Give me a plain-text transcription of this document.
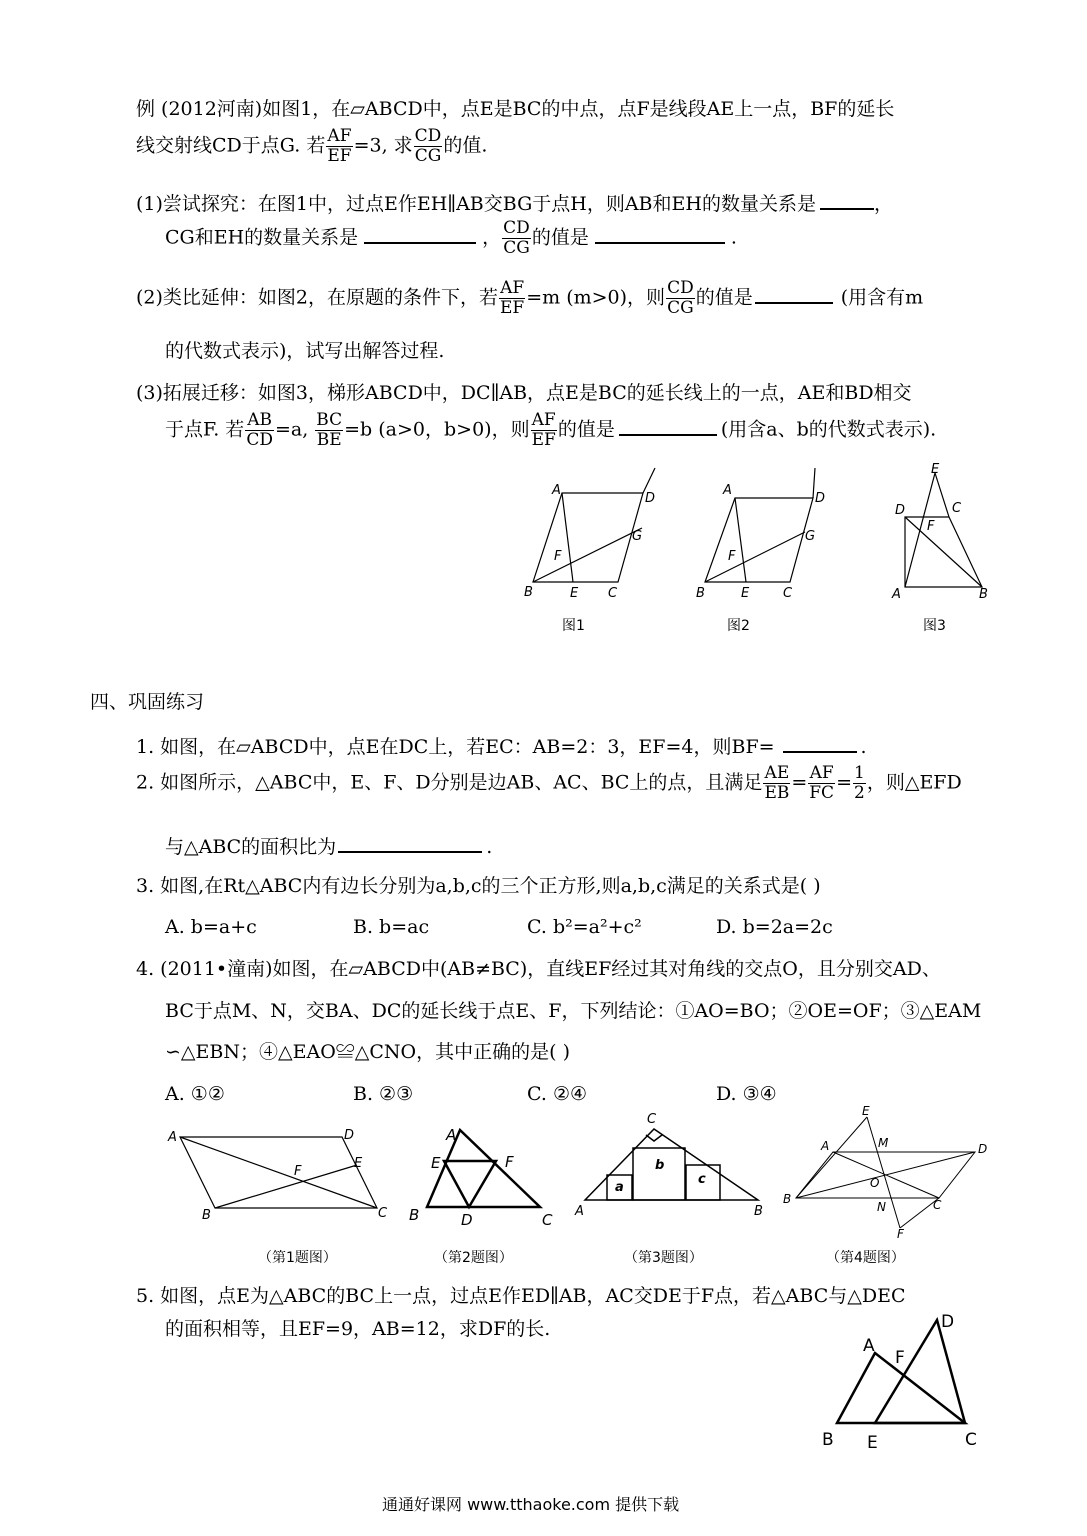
例 (2012河南)如图1，在▱ABCD中，点E是BC的中点，点F是线段AE上一点，BF的延长
线交射线CD于点G. 若 $\frac{AF}{EF} =3$, 求 $\frac{CD}{CG}$ 的值.
(1)尝试探究：在图1中，过点E作EH∥AB交BG于点H，则AB和EH的数量关系是	，
CG和EH的数量关系是	， $\frac{CD}{CG}$ 的值是	.
(2)类比延伸：如图2，在原题的条件下，若 $\frac{AF}{EF} =m$ (m>0)，则 $\frac{CD}{CG}$ 的值是	(用含有m
的代数式表示)，试写出解答过程.
(3)拓展迁移：如图3，梯形ABCD中，DC∥AB，点E是BC的延长线上的一点，AE和BD相交
于点F. 若 $\frac{AB}{CD} =a$, $\frac{BC}{BE} =b$ (a>0，b>0)，则 $\frac{AF}{EF}$ 的值是	(用含a、b的代数式表示).
A
D
G
F
B	E C
图1
A
D
G
F
B	E	C
图2
E
D	C
F
A	B
图3
四、巩固练习
1. 如图，在▱ABCD中，点E在DC上，若EC：AB=2：3，EF=4，则BF=	.
2. 如图所示，△ABC中，E、F、D分别是边AB、AC、BC上的点，且满足 $\frac{AE}{EB} = \frac{AF}{FC} = \frac{1}{2}$ ，则△EFD
与△ABC的面积比为	.
3. 如图,在Rt△ABC内有边长分别为a,b,c的三个正方形,则a,b,c满足的关系式是( )
A. b=a+c	B. b=ac	C. b²=a²+c²	D. b=2a=2c
4. (2011•潼南)如图，在▱ABCD中(AB≠BC)，直线EF经过其对角线的交点O，且分别交AD、
BC于点M、N，交BA、DC的延长线于点E、F，下列结论：①AO=BO；②OE=OF；③△EAM
∽△EBN；④△EAO≌△CNO，其中正确的是( )
A. ①②	B. ②③	C. ②④	D. ③④
A	D
E
F
B	C
（第1题图）
A
E	F
B	D	C
（第2题图）
C
b
a
c
A	B
（第3题图）
E
M
A	D
O
B
N	C
F
（第4题图）
5. 如图，点E为△ABC的BC上一点，过点E作ED∥AB，AC交DE于F点，若△ABC与△DEC
的面积相等，且EF=9，AB=12，求DF的长.
A
F
D
B E	C
通通好课网 www.tthaoke.com 提供下载
